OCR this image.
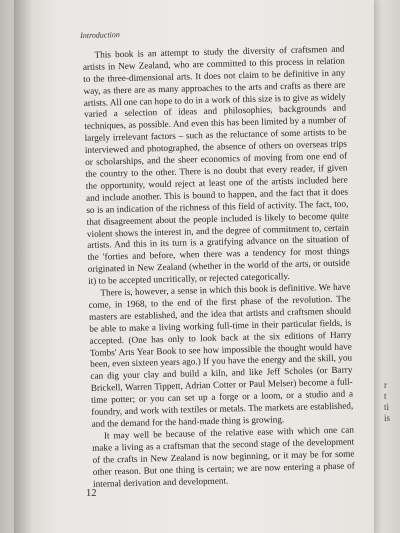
r
t
ti
is
Introduction

This book is an attempt to study the diversity of craftsmen and artists in New Zealand, who are committed to this process in relation to the three-dimensional arts. It does not claim to be definitive in any way, as there are as many approaches to the arts and crafts as there are artists. All one can hope to do in a work of this size is to give as widely varied a selection of ideas and philosophies, backgrounds and techniques, as possible. And even this has been limited by a number of largely irrelevant factors – such as the reluctance of some artists to be interviewed and photographed, the absence of others on overseas trips or scholarships, and the sheer economics of moving from one end of the country to the other. There is no doubt that every reader, if given the opportunity, would reject at least one of the artists included here and include another. This is bound to happen, and the fact that it does so is an indication of the richness of this field of activity. The fact, too, that disagreement about the people included is likely to become quite violent shows the interest in, and the degree of commitment to, certain artists. And this in its turn is a gratifying advance on the situation of the 'forties and before, when there was a tendency for most things originated in New Zealand (whether in the world of the arts, or outside it) to be accepted uncritically, or rejected categorically.

There is, however, a sense in which this book is definitive. We have come, in 1968, to the end of the first phase of the revolution. The masters are established, and the idea that artists and craftsmen should be able to make a living working full-time in their particular fields, is accepted. (One has only to look back at the six editions of Harry Tombs' Arts Year Book to see how impossible the thought would have been, even sixteen years ago.) If you have the energy and the skill, you can dig your clay and build a kiln, and like Jeff Scholes (or Barry Brickell, Warren Tippett, Adrian Cotter or Paul Melser) become a full-time potter; or you can set up a forge or a loom, or a studio and a foundry, and work with textiles or metals. The markets are established, and the demand for the hand-made thing is growing.

It may well be because of the relative ease with which one can make a living as a craftsman that the second stage of the development of the crafts in New Zealand is now beginning, or it may be for some other reason. But one thing is certain; we are now entering a phase of internal derivation and development.

12
